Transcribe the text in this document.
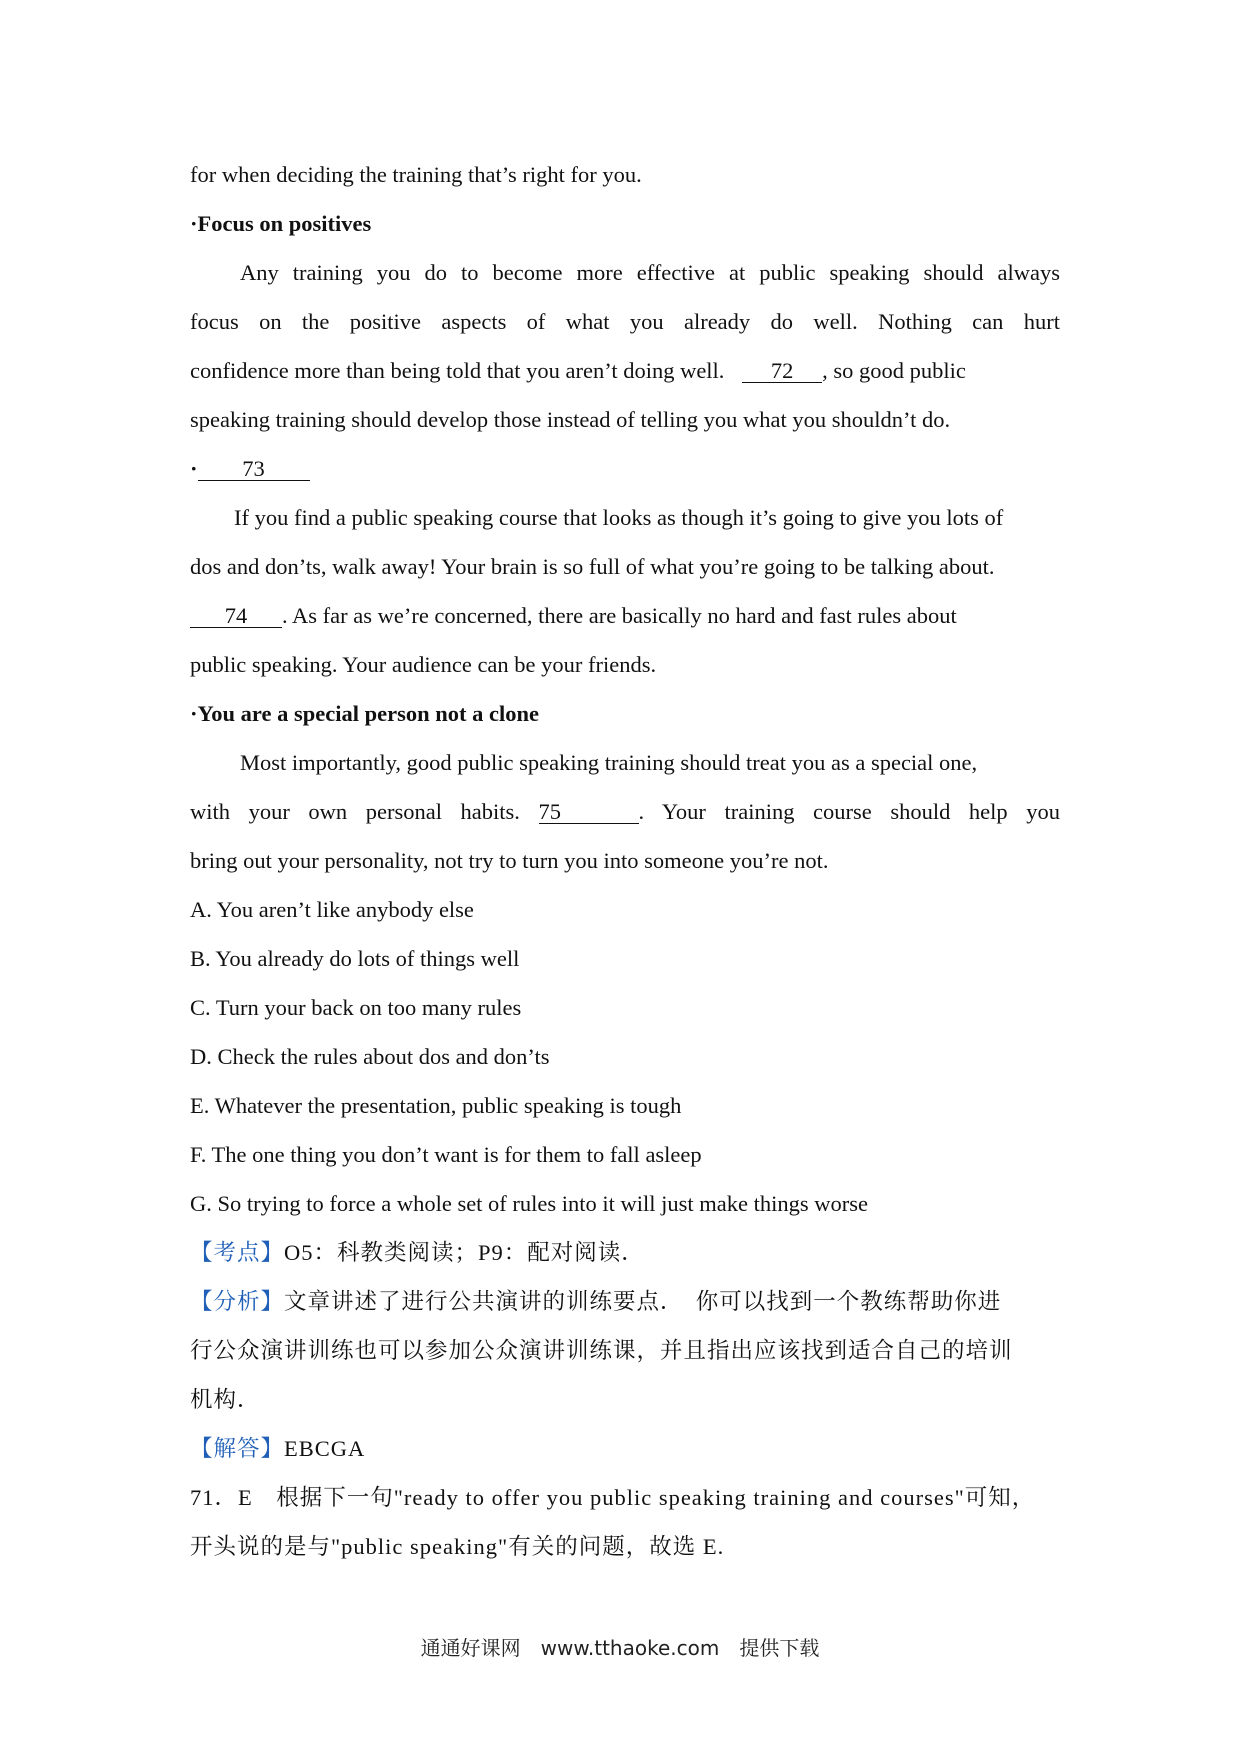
for when deciding the training that’s right for you.
·Focus on positives
Any training you do to become more effective at public speaking should always
focus on the positive aspects of what you already do well. Nothing can hurt
confidence more than being told that you aren’t doing well. 72 , so good public
speaking training should develop those instead of telling you what you shouldn’t do.
· 73
If you find a public speaking course that looks as though it’s going to give you lots of
dos and don’ts, walk away! Your brain is so full of what you’re going to be talking about.
74 . As far as we’re concerned, there are basically no hard and fast rules about
public speaking. Your audience can be your friends.
·You are a special person not a clone
Most importantly, good public speaking training should treat you as a special one,
with your own personal habits. 75	. Your training course should help you
bring out your personality, not try to turn you into someone you’re not.
A. You aren’t like anybody else
B. You already do lots of things well
C. Turn your back on too many rules
D. Check the rules about dos and don’ts
E. Whatever the presentation, public speaking is tough
F. The one thing you don’t want is for them to fall asleep
G. So trying to force a whole set of rules into it will just make things worse
【考点】O5：科教类阅读；P9：配对阅读．
【分析】文章讲述了进行公共演讲的训练要点．　你可以找到一个教练帮助你进
行公众演讲训练也可以参加公众演讲训练课，并且指出应该找到适合自己的培训
机构．
【解答】EBCGA
71．E　根据下一句"ready to offer you public speaking training and courses"可知，
开头说的是与"public speaking"有关的问题，故选 E.
通通好课网　www.tthaoke.com　提供下载
